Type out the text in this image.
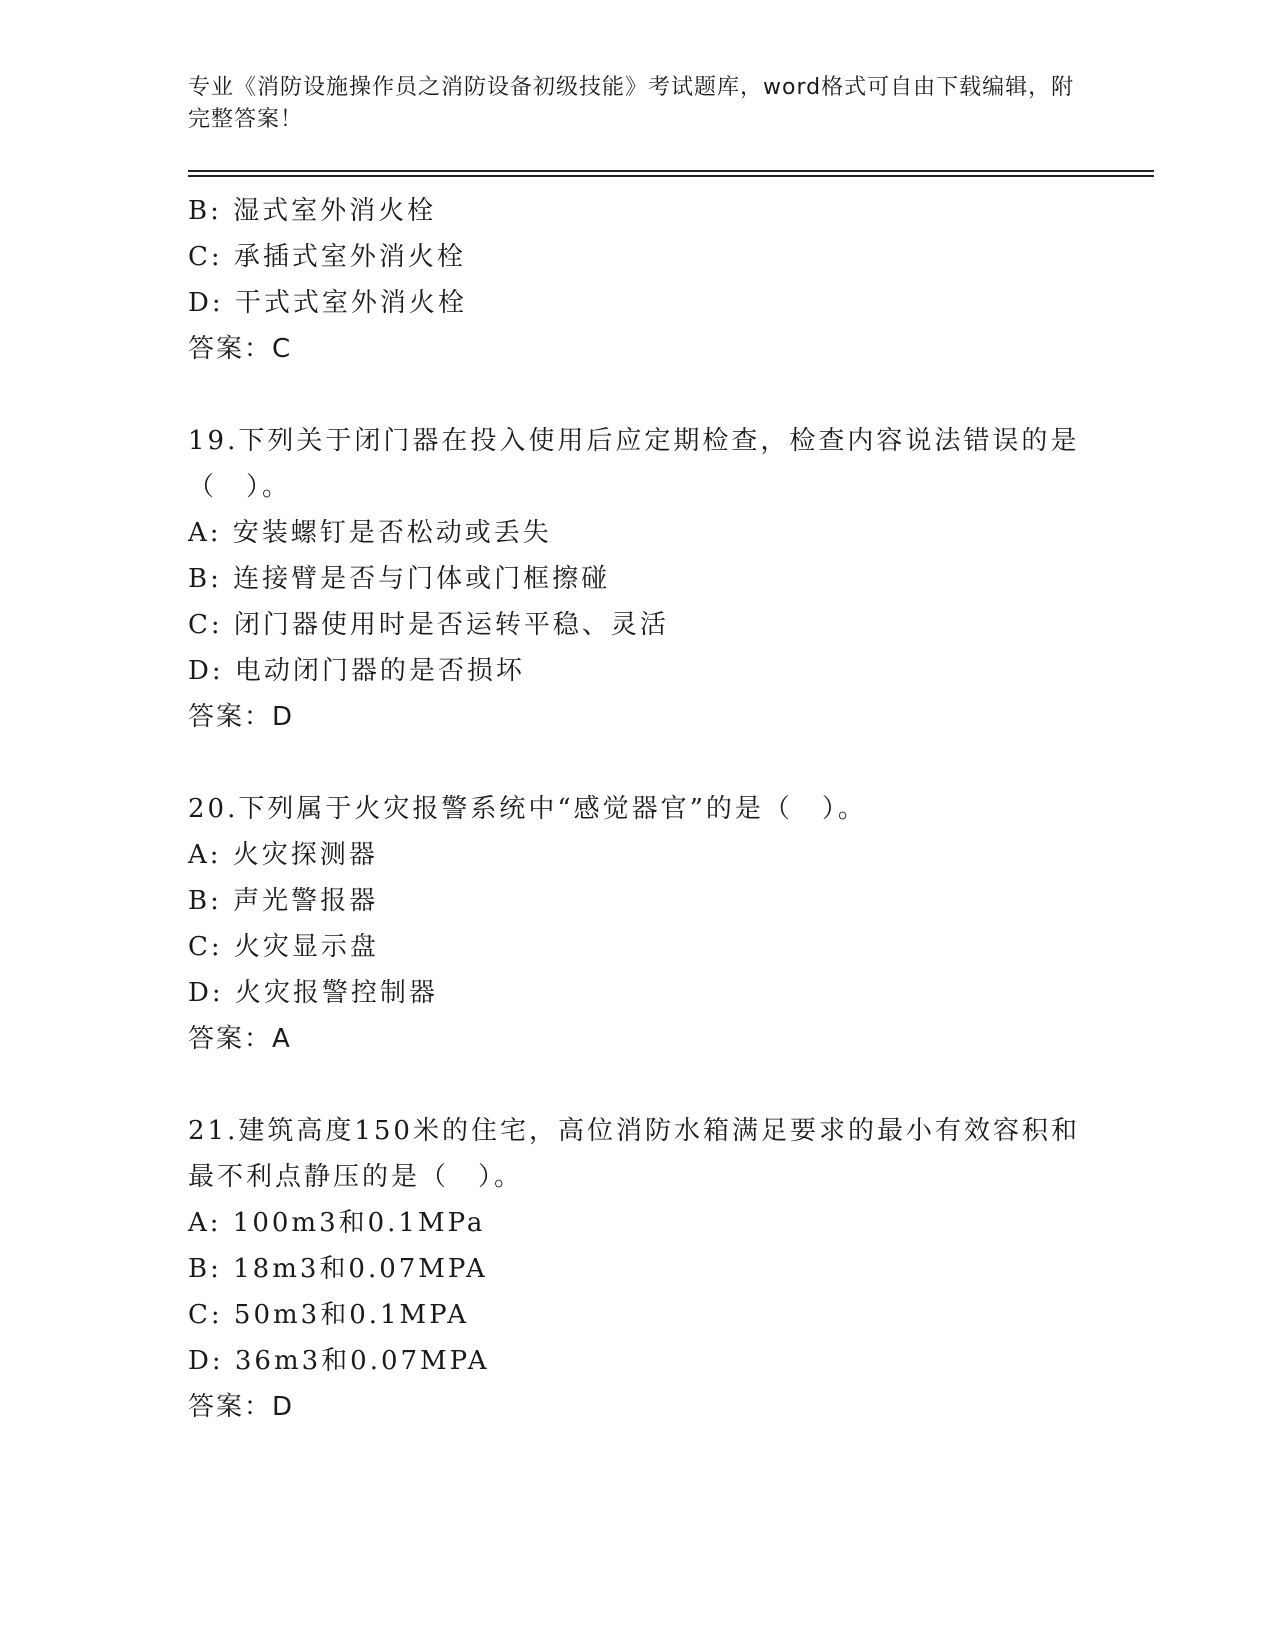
专业《消防设施操作员之消防设备初级技能》考试题库，word格式可自由下载编辑，附完整答案！
B: 湿式室外消火栓
C: 承插式室外消火栓
D: 干式式室外消火栓
答案：C
19.下列关于闭门器在投入使用后应定期检查，检查内容说法错误的是（　）。
A: 安装螺钉是否松动或丢失
B: 连接臂是否与门体或门框擦碰
C: 闭门器使用时是否运转平稳、灵活
D: 电动闭门器的是否损坏
答案：D
20.下列属于火灾报警系统中“感觉器官”的是（　）。
A: 火灾探测器
B: 声光警报器
C: 火灾显示盘
D: 火灾报警控制器
答案：A
21.建筑高度150米的住宅，高位消防水箱满足要求的最小有效容积和最不利点静压的是（　）。
A: 100m3和0.1MPa
B: 18m3和0.07MPA
C: 50m3和0.1MPA
D: 36m3和0.07MPA
答案：D
